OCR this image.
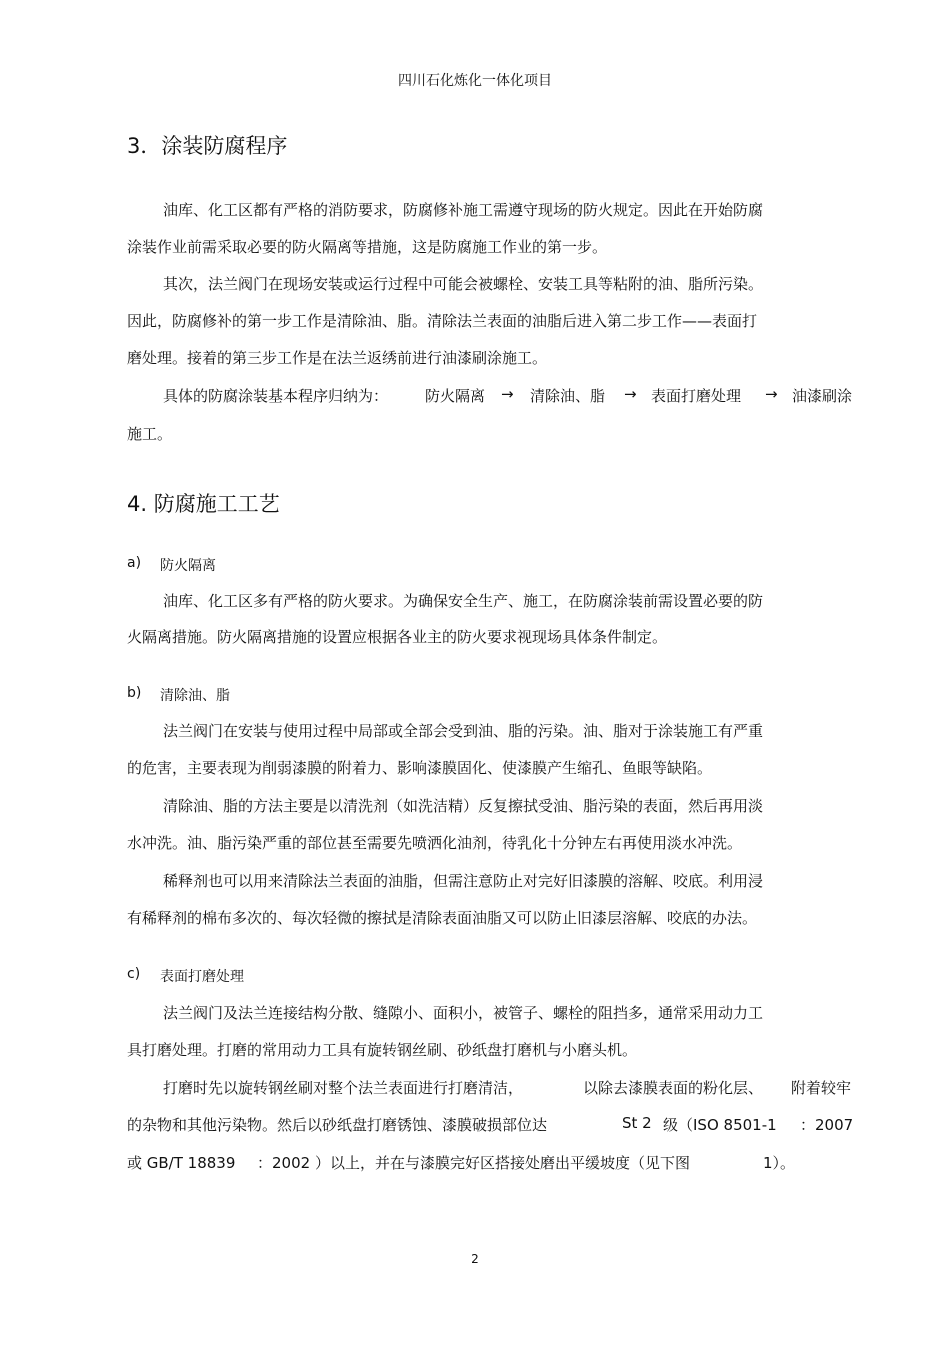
四川石化炼化一体化项目
3．涂装防腐程序
油库、化工区都有严格的消防要求，防腐修补施工需遵守现场的防火规定。因此在开始防腐
涂装作业前需采取必要的防火隔离等措施，这是防腐施工作业的第一步。
其次，法兰阀门在现场安装或运行过程中可能会被螺栓、安装工具等粘附的油、脂所污染。
因此，防腐修补的第一步工作是清除油、脂。清除法兰表面的油脂后进入第二步工作——表面打
磨处理。接着的第三步工作是在法兰返绣前进行油漆刷涂施工。
具体的防腐涂装基本程序归纳为： 防火隔离 → 清除油、脂 → 表面打磨处理 → 油漆刷涂
施工。
4. 防腐施工工艺
a) 防火隔离
油库、化工区多有严格的防火要求。为确保安全生产、施工，在防腐涂装前需设置必要的防
火隔离措施。防火隔离措施的设置应根据各业主的防火要求视现场具体条件制定。
b) 清除油、脂
法兰阀门在安装与使用过程中局部或全部会受到油、脂的污染。油、脂对于涂装施工有严重
的危害，主要表现为削弱漆膜的附着力、影响漆膜固化、使漆膜产生缩孔、鱼眼等缺陷。
清除油、脂的方法主要是以清洗剂（如洗洁精）反复擦拭受油、脂污染的表面，然后再用淡
水冲洗。油、脂污染严重的部位甚至需要先喷洒化油剂，待乳化十分钟左右再使用淡水冲洗。
稀释剂也可以用来清除法兰表面的油脂，但需注意防止对完好旧漆膜的溶解、咬底。利用浸
有稀释剂的棉布多次的、每次轻微的擦拭是清除表面油脂又可以防止旧漆层溶解、咬底的办法。
c) 表面打磨处理
法兰阀门及法兰连接结构分散、缝隙小、面积小，被管子、螺栓的阻挡多，通常采用动力工
具打磨处理。打磨的常用动力工具有旋转钢丝刷、砂纸盘打磨机与小磨头机。
打磨时先以旋转钢丝刷对整个法兰表面进行打磨清洁，	以除去漆膜表面的粉化层、 附着较牢
的杂物和其他污染物。然后以砂纸盘打磨锈蚀、漆膜破损部位达	St 2 级（ISO 8501-1 ：2007
或 GB/T 18839 ：2002 ）以上，并在与漆膜完好区搭接处磨出平缓坡度（见下图	1）。
2
